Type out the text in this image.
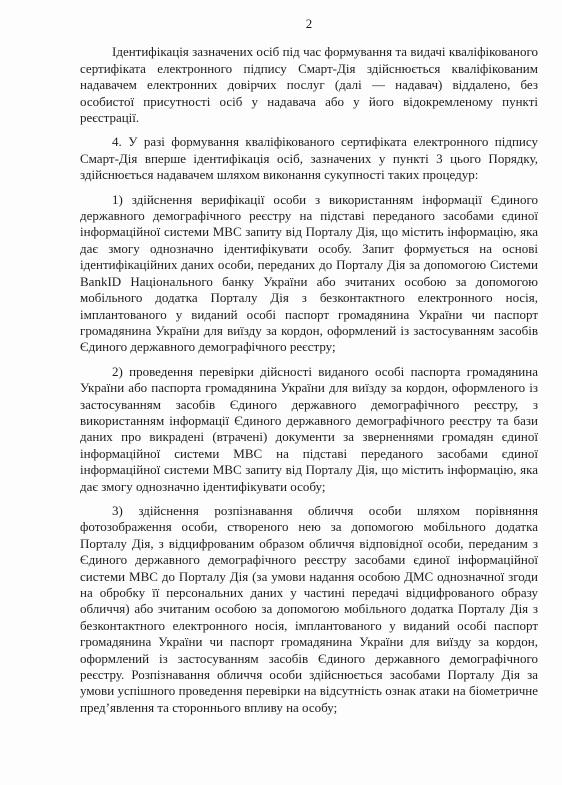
2

Ідентифікація зазначених осіб під час формування та видачі кваліфікованого сертифіката електронного підпису Смарт-Дія здійснюється кваліфікованим надавачем електронних довірчих послуг (далі — надавач) віддалено, без особистої присутності осіб у надавача або у його відокремленому пункті реєстрації.

4. У разі формування кваліфікованого сертифіката електронного підпису Смарт-Дія вперше ідентифікація осіб, зазначених у пункті 3 цього Порядку, здійснюється надавачем шляхом виконання сукупності таких процедур:

1) здійснення верифікації особи з використанням інформації Єдиного державного демографічного реєстру на підставі переданого засобами єдиної інформаційної системи МВС запиту від Порталу Дія, що містить інформацію, яка дає змогу однозначно ідентифікувати особу. Запит формується на основі ідентифікаційних даних особи, переданих до Порталу Дія за допомогою Системи BankID Національного банку України або зчитаних особою за допомогою мобільного додатка Порталу Дія з безконтактного електронного носія, імплантованого у виданий особі паспорт громадянина України чи паспорт громадянина України для виїзду за кордон, оформлений із застосуванням засобів Єдиного державного демографічного реєстру;

2) проведення перевірки дійсності виданого особі паспорта громадянина України або паспорта громадянина України для виїзду за кордон, оформленого із застосуванням засобів Єдиного державного демографічного реєстру, з використанням інформації Єдиного державного демографічного реєстру та бази даних про викрадені (втрачені) документи за зверненнями громадян єдиної інформаційної системи МВС на підставі переданого засобами єдиної інформаційної системи МВС запиту від Порталу Дія, що містить інформацію, яка дає змогу однозначно ідентифікувати особу;

3) здійснення розпізнавання обличчя особи шляхом порівняння фотозображення особи, створеного нею за допомогою мобільного додатка Порталу Дія, з відцифрованим образом обличчя відповідної особи, переданим з Єдиного державного демографічного реєстру засобами єдиної інформаційної системи МВС до Порталу Дія (за умови надання особою ДМС однозначної згоди на обробку її персональних даних у частині передачі відцифрованого образу обличчя) або зчитаним особою за допомогою мобільного додатка Порталу Дія з безконтактного електронного носія, імплантованого у виданий особі паспорт громадянина України чи паспорт громадянина України для виїзду за кордон, оформлений із застосуванням засобів Єдиного державного демографічного реєстру. Розпізнавання обличчя особи здійснюється засобами Порталу Дія за умови успішного проведення перевірки на відсутність ознак атаки на біометричне пред’явлення та стороннього впливу на особу;
